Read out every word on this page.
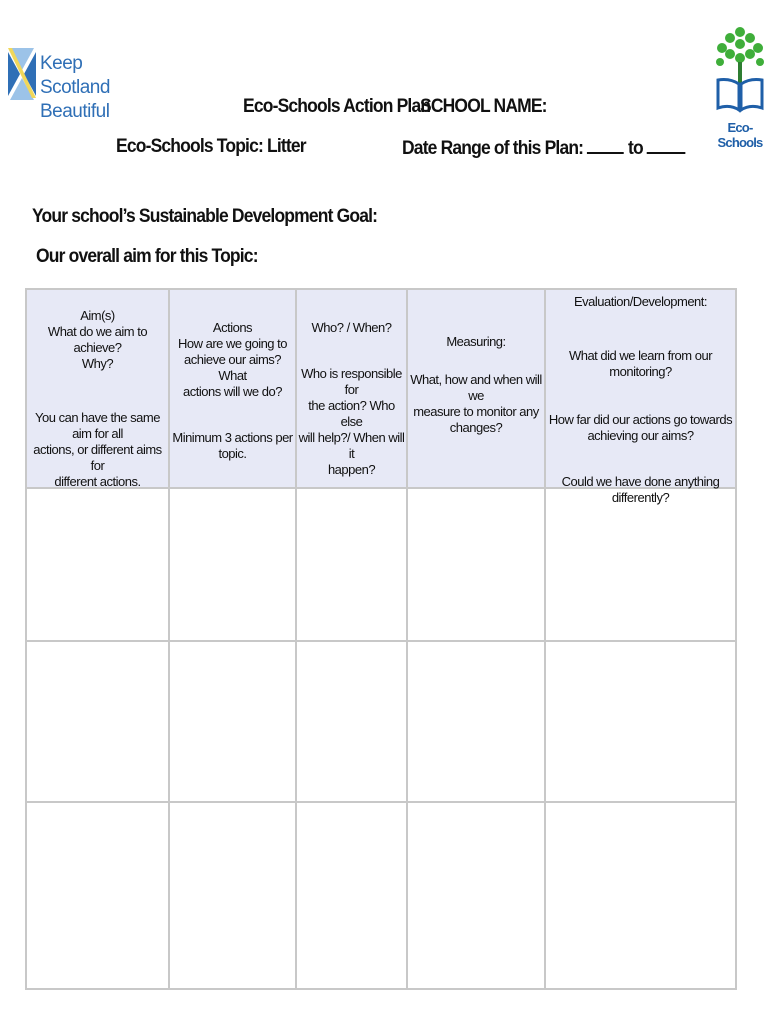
Keep Scotland
Beautiful
Eco-Schools
Eco-Schools Action Plan
SCHOOL NAME:
Eco-Schools Topic: Litter	Date Range of this Plan: to
Your school’s Sustainable Development Goal:
Our overall aim for this Topic:
Aim(s)
What do we aim to achieve?
Why?
You can have the same aim for all
actions, or different aims for
different actions.
Actions
How are we going to
achieve our aims? What
actions will we do?
Minimum 3 actions per topic.
Who? / When?
Who is responsible for
the action? Who else
will help?/ When will it
happen?
Measuring:
What, how and when will we
measure to monitor any
changes?
Evaluation/Development:
What did we learn from our monitoring?
How far did our actions go towards
achieving our aims?
Could we have done anything differently?
